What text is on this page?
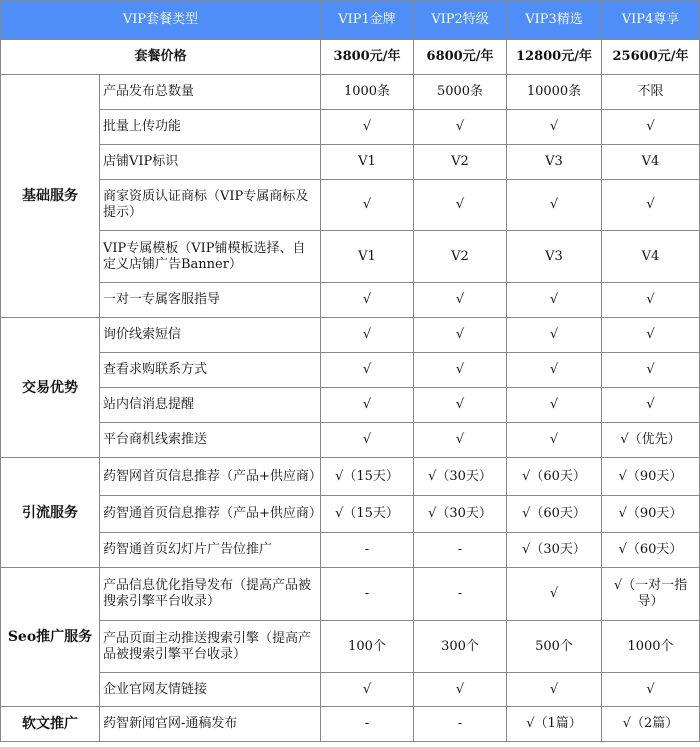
VIP套餐类型		VIP1金牌	VIP2特级	VIP3精选	VIP4尊享
套餐价格		3800元/年	6800元/年	12800元/年	25600元/年
基础服务	产品发布总数量	1000条	5000条	10000条	不限
	批量上传功能	√	√	√	√
	店铺VIP标识	V1	V2	V3	V4
	商家资质认证商标（VIP专属商标及提示）	√	√	√	√
	VIP专属模板（VIP铺模板选择、自定义店铺广告Banner）	V1	V2	V3	V4
	一对一专属客服指导	√	√	√	√
交易优势	询价线索短信	√	√	√	√
	查看求购联系方式	√	√	√	√
	站内信消息提醒	√	√	√	√
	平台商机线索推送	√	√	√	√（优先）
引流服务	药智网首页信息推荐（产品+供应商）	√（15天）	√（30天）	√（60天）	√（90天）
	药智通首页信息推荐（产品+供应商）	√（15天）	√（30天）	√（60天）	√（90天）
	药智通首页幻灯片广告位推广	-	-	√（30天）	√（60天）
Seo推广服务	产品信息优化指导发布（提高产品被搜索引擎平台收录）	-	-	√	√（一对一指导）
	产品页面主动推送搜索引擎（提高产品被搜索引擎平台收录）	100个	300个	500个	1000个
	企业官网友情链接	√	√	√	√
软文推广	药智新闻官网-通稿发布	-	-	√（1篇）	√（2篇）
